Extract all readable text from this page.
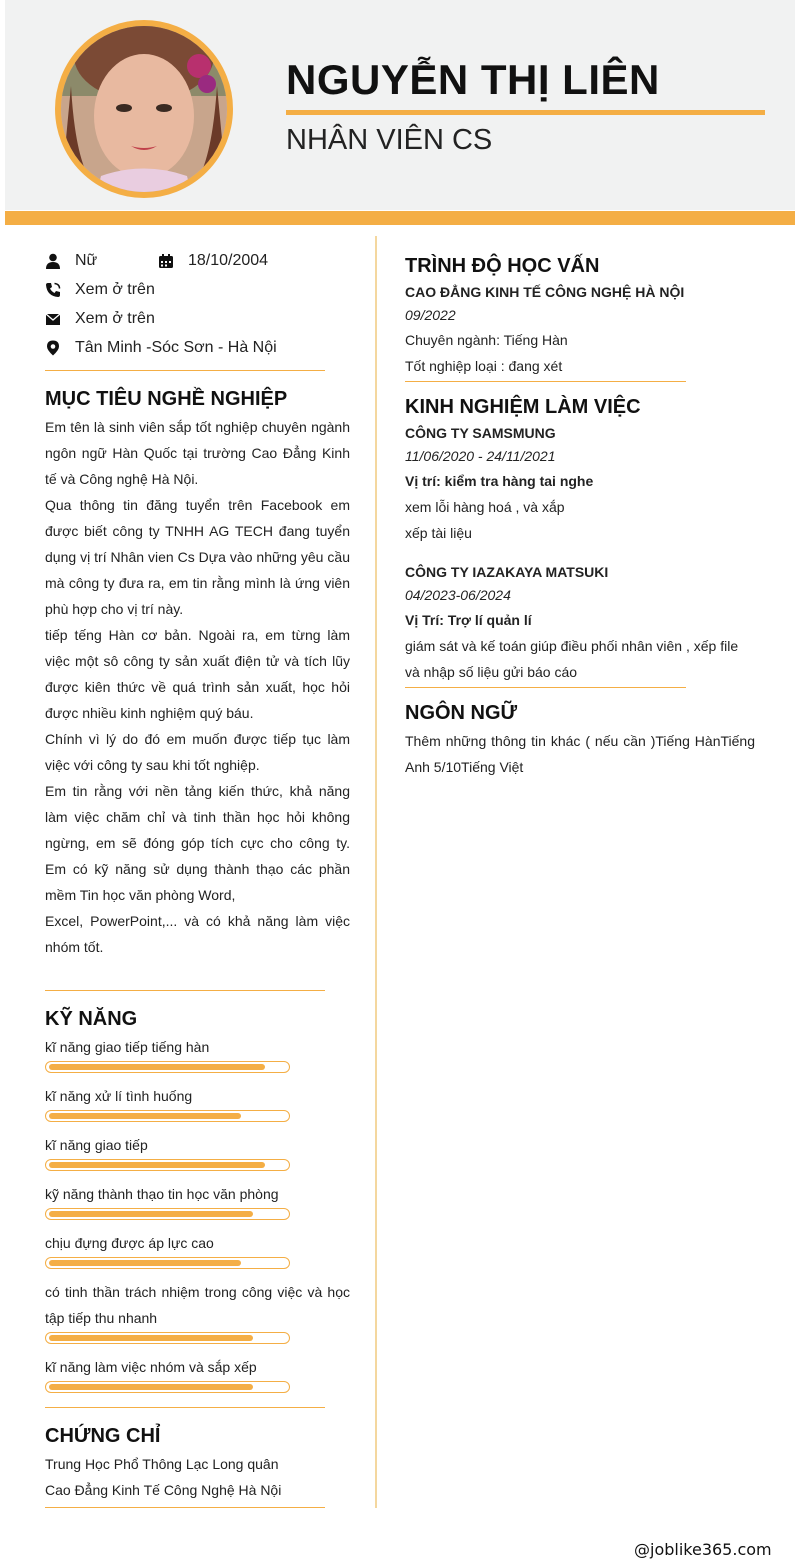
NGUYỄN THỊ LIÊN
NHÂN VIÊN CS
Nữ	18/10/2004
Xem ở trên
Xem ở trên
Tân Minh -Sóc Sơn - Hà Nội
MỤC TIÊU NGHỀ NGHIỆP

Em tên là sinh viên sắp tốt nghiệp chuyên ngành ngôn ngữ Hàn Quốc tại trường Cao Đẳng Kinh tế và Công nghệ Hà Nội.

Qua thông tin đăng tuyển trên Facebook em được biết công ty TNHH AG TECH đang tuyển dụng vị trí Nhân vien Cs Dựa vào những yêu cầu mà công ty đưa ra, em tin rằng mình là ứng viên phù hợp cho vị trí này.

tiếp tếng Hàn cơ bản. Ngoài ra, em từng làm việc một sô công ty sản xuất điện tử và tích lũy được kiên thức về quá trình sản xuất, học hỏi được nhiều kinh nghiệm quý báu.

Chính vì lý do đó em muốn được tiếp tục làm việc với công ty sau khi tốt nghiệp.

Em tin rằng với nền tảng kiến thức, khả năng làm việc chăm chỉ và tinh thần học hỏi không ngừng, em sẽ đóng góp tích cực cho công ty. Em có kỹ năng sử dụng thành thạo các phần mềm Tin học văn phòng Word,

Excel, PowerPoint,... và có khả năng làm việc nhóm tốt.

KỸ NĂNG
kĩ năng giao tiếp tiếng hàn
kĩ năng xử lí tình huống
kĩ năng giao tiếp
kỹ năng thành thạo tin học văn phòng
chịu đựng được áp lực cao
có tinh thần trách nhiệm trong công việc và học tập tiếp thu nhanh
kĩ năng làm việc nhóm và sắp xếp
CHỨNG CHỈ
Trung Học Phổ Thông Lạc Long quân
Cao Đẳng Kinh Tế Công Nghệ Hà Nội
TRÌNH ĐỘ HỌC VẤN
CAO ĐẲNG KINH TẾ CÔNG NGHỆ HÀ NỘI
09/2022
Chuyên ngành: Tiếng Hàn
Tốt nghiệp loại : đang xét
KINH NGHIỆM LÀM VIỆC
CÔNG TY SAMSMUNG
11/06/2020 - 24/11/2021
Vị trí: kiểm tra hàng tai nghe
xem lỗi hàng hoá , và xắp
xếp tài liệu
CÔNG TY IAZAKAYA MATSUKI
04/2023-06/2024
Vị Trí: Trợ lí quản lí
giám sát và kế toán giúp điều phối nhân viên , xếp file và nhập số liệu gửi báo cáo
NGÔN NGỮ
Thêm những thông tin khác ( nếu cần )Tiếng HànTiếng Anh 5/10Tiếng Việt
@joblike365.com
